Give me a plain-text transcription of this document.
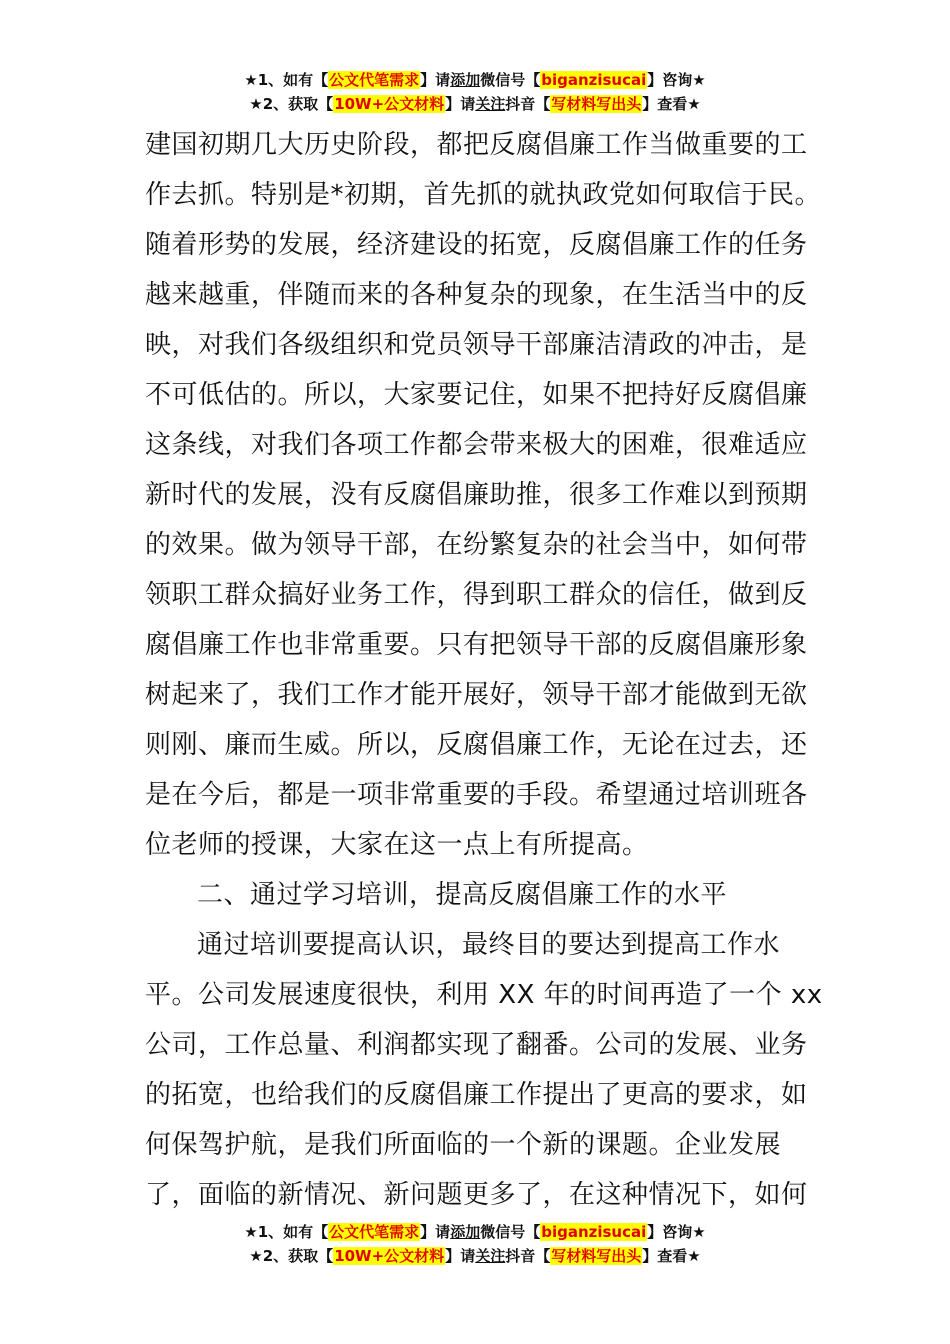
★1、如有【公文代笔需求】请添加微信号【biganzisucai】咨询★
★2、获取【10W+公文材料】请关注抖音【写材料写出头】查看★
建国初期几大历史阶段，都把反腐倡廉工作当做重要的工
作去抓。特别是*初期，首先抓的就执政党如何取信于民。
随着形势的发展，经济建设的拓宽，反腐倡廉工作的任务
越来越重，伴随而来的各种复杂的现象，在生活当中的反
映，对我们各级组织和党员领导干部廉洁清政的冲击，是
不可低估的。所以，大家要记住，如果不把持好反腐倡廉
这条线，对我们各项工作都会带来极大的困难，很难适应
新时代的发展，没有反腐倡廉助推，很多工作难以到预期
的效果。做为领导干部，在纷繁复杂的社会当中，如何带
领职工群众搞好业务工作，得到职工群众的信任，做到反
腐倡廉工作也非常重要。只有把领导干部的反腐倡廉形象
树起来了，我们工作才能开展好，领导干部才能做到无欲
则刚、廉而生威。所以，反腐倡廉工作，无论在过去，还
是在今后，都是一项非常重要的手段。希望通过培训班各
位老师的授课，大家在这一点上有所提高。
二、通过学习培训，提高反腐倡廉工作的水平
通过培训要提高认识，最终目的要达到提高工作水
平。公司发展速度很快，利用 XX 年的时间再造了一个 xx
公司，工作总量、利润都实现了翻番。公司的发展、业务
的拓宽，也给我们的反腐倡廉工作提出了更高的要求，如
何保驾护航，是我们所面临的一个新的课题。企业发展
了，面临的新情况、新问题更多了，在这种情况下，如何
★1、如有【公文代笔需求】请添加微信号【biganzisucai】咨询★
★2、获取【10W+公文材料】请关注抖音【写材料写出头】查看★
